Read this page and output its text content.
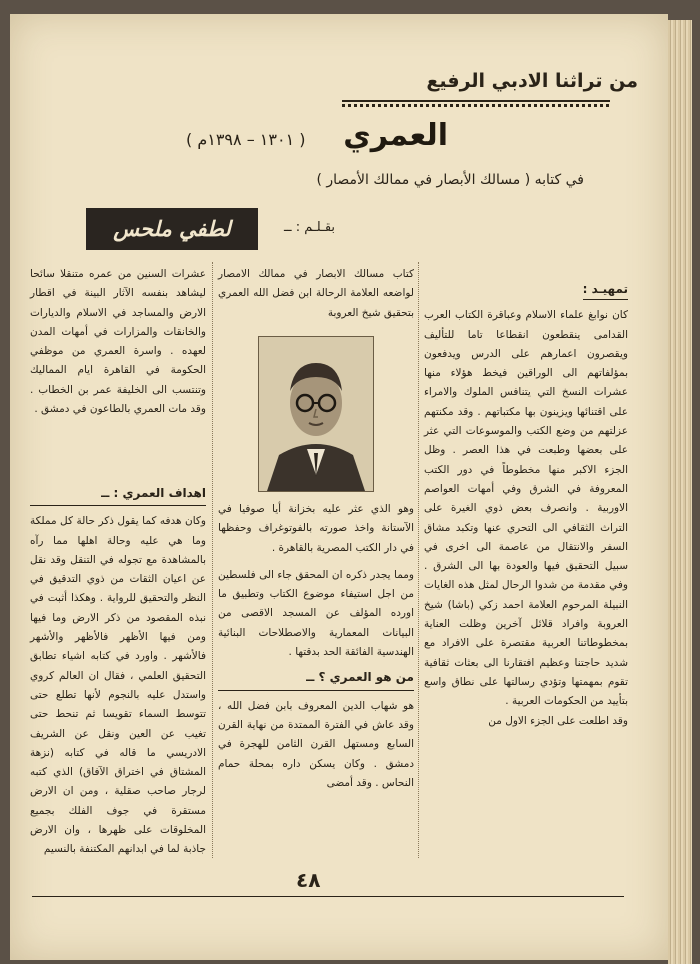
من تراثنا الادبي الرفيع
العمري
( ١٣٠١ – ١٣٩٨م )
في كتابه ( مسالك الأبصار في ممالك الأمصار )
بقـلـم : ــ
لطفي ملحس
تمهيـد :

كان نوابغ علماء الاسلام وعباقرة الكتاب العرب القدامى ينقطعون انقطاعا تاما للتأليف ويقصرون اعمارهم على الدرس ويدفعون بمؤلفاتهم الى الوراقين فيخط هؤلاء منها عشرات النسخ التي يتنافس الملوك والامراء على اقتنائها ويزينون بها مكتباتهم . وقد مكنتهم عزلتهم من وضع الكتب والموسوعات التي عثر على بعضها وطبعت في هذا العصر . وظل الجزء الاكبر منها مخطوطاً في دور الكتب المعروفة في الشرق وفي أمهات العواصم الاوربية . وانصرف بعض ذوي الغيرة على التراث الثقافي الى التحري عنها وتكبد مشاق السفر والانتقال من عاصمة الى اخرى في سبيل التحقيق فيها والعودة بها الى الشرق . وفي مقدمة من شدوا الرحال لمثل هذه الغايات النبيلة المرحوم العلامة احمد زكي (باشا) شيخ العروبة وافراد قلائل آخرين وظلت العناية بمخطوطاتنا العربية مقتصرة على الافراد مع شديد حاجتنا وعظيم افتقارنا الى بعثات ثقافية تقوم بمهمتها وتؤدي رسالتها على نطاق واسع بتأييد من الحكومات العربية .

وقد اطلعت على الجزء الاول من

كتاب مسالك الابصار في ممالك الامصار لواضعه العلامة الرحالة ابن فضل الله العمري بتحقيق شيخ العروبة

وهو الذي عثر عليه بخزانة أيا صوفيا في الآستانة واخذ صورته بالفوتوغراف وحفظها في دار الكتب المصرية بالقاهرة .

ومما يجدر ذكره ان المحقق جاء الى فلسطين من اجل استيفاء موضوع الكتاب وتطبيق ما اورده المؤلف عن المسجد الاقصى من البيانات المعمارية والاصطلاحات البنائية الهندسية الفائقة الحد بدقتها .

من هو العمري ؟ ــ

هو شهاب الدين المعروف بابن فضل الله ، وقد عاش في الفترة الممتدة من نهاية القرن السابع ومستهل القرن الثامن للهجرة في دمشق . وكان يسكن داره بمحلة حمام النحاس . وقد أمضى

عشرات السنين من عمره متنقلا سائحا ليشاهد بنفسه الآثار البينة في اقطار الارض والمساجد في الاسلام والديارات والخانقات والمزارات في أمهات المدن لعهده . واسرة العمري من موظفي الحكومة في القاهرة ايام المماليك وتنتسب الى الخليفة عمر بن الخطاب . وقد مات العمري بالطاعون في دمشق .

اهداف العمري : ــ

وكان هدفه كما يقول ذكر حالة كل مملكة وما هي عليه وحالة اهلها مما رآه بالمشاهدة مع تجوله في التنقل وقد نقل عن اعيان الثقات من ذوي التدقيق في النظر والتحقيق للرواية . وهكذا أثبت في نبذه المقصود من ذكر الارض وما فيها ومن فيها الأظهر فالأظهر والأشهر فالأشهر . واورد في كتابه اشياء تطابق التحقيق العلمي ، فقال ان العالم كروي واستدل عليه بالنجوم لأنها تطلع حتى تتوسط السماء تقويسا ثم تنحط حتى تغيب عن العين ونقل عن الشريف الادريسي ما قاله في كتابه (نزهة المشتاق في اختراق الآفاق) الذي كتبه لرجار صاحب صقلية ، ومن ان الارض مستقرة في جوف الفلك بجميع المخلوقات على ظهرها ، وان الارض جاذبة لما في ابدانهم المكتنفة بالنسيم

٤٨
